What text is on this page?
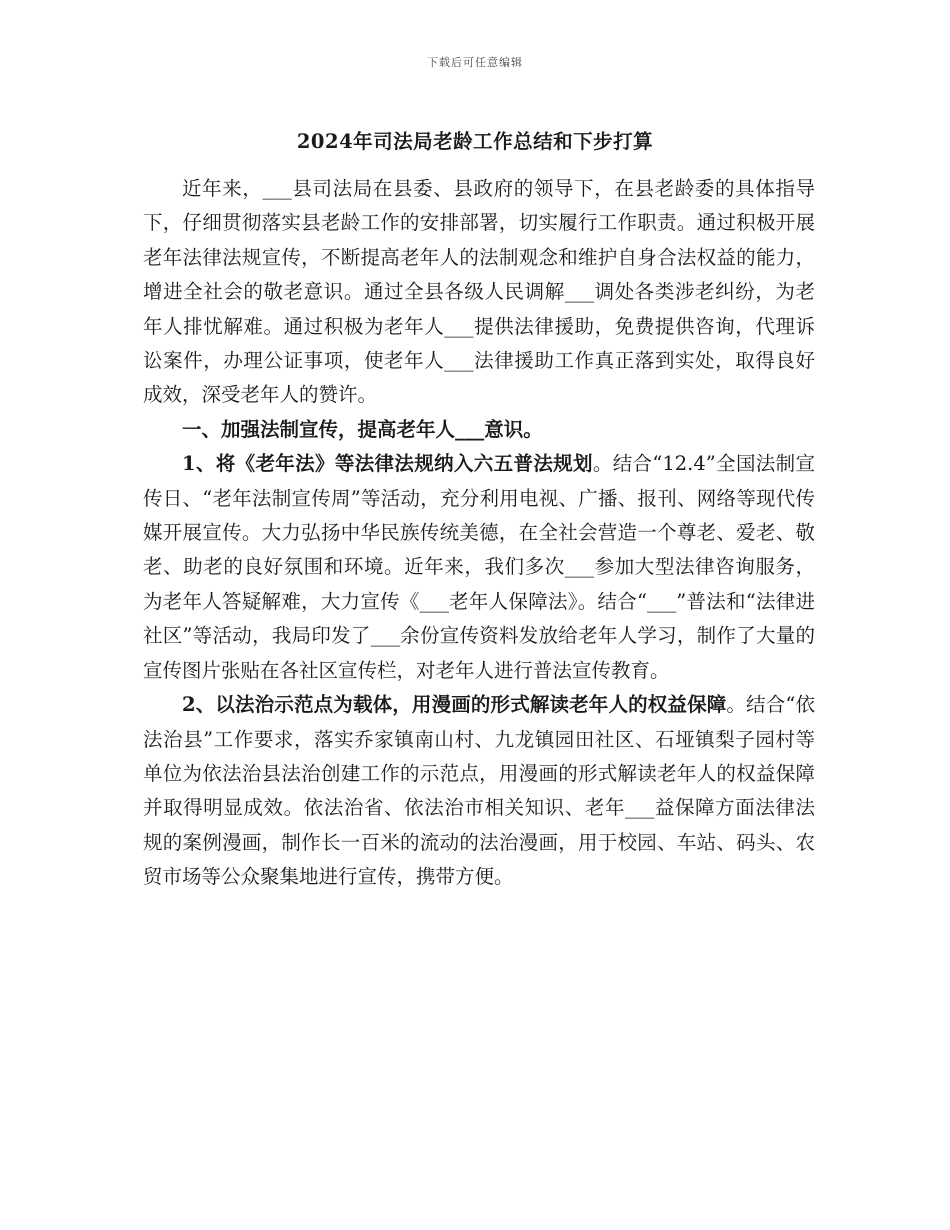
下载后可任意编辑
2024年司法局老龄工作总结和下步打算

近年来，___县司法局在县委、县政府的领导下，在县老龄委的具体指导下，仔细贯彻落实县老龄工作的安排部署，切实履行工作职责。通过积极开展老年法律法规宣传，不断提高老年人的法制观念和维护自身合法权益的能力，增进全社会的敬老意识。通过全县各级人民调解___调处各类涉老纠纷，为老年人排忧解难。通过积极为老年人___提供法律援助，免费提供咨询，代理诉讼案件，办理公证事项，使老年人___法律援助工作真正落到实处，取得良好成效，深受老年人的赞许。

一、加强法制宣传，提高老年人___意识。

1、将《老年法》等法律法规纳入六五普法规划。结合“12.4”全国法制宣传日、“老年法制宣传周”等活动，充分利用电视、广播、报刊、网络等现代传媒开展宣传。大力弘扬中华民族传统美德，在全社会营造一个尊老、爱老、敬老、助老的良好氛围和环境。近年来，我们多次___参加大型法律咨询服务，为老年人答疑解难，大力宣传《___老年人保障法》。结合“___”普法和“法律进社区”等活动，我局印发了___余份宣传资料发放给老年人学习，制作了大量的宣传图片张贴在各社区宣传栏，对老年人进行普法宣传教育。

2、以法治示范点为载体，用漫画的形式解读老年人的权益保障。结合“依法治县”工作要求，落实乔家镇南山村、九龙镇园田社区、石垭镇梨子园村等单位为依法治县法治创建工作的示范点，用漫画的形式解读老年人的权益保障并取得明显成效。依法治省、依法治市相关知识、老年___益保障方面法律法规的案例漫画，制作长一百米的流动的法治漫画，用于校园、车站、码头、农贸市场等公众聚集地进行宣传，携带方便。
